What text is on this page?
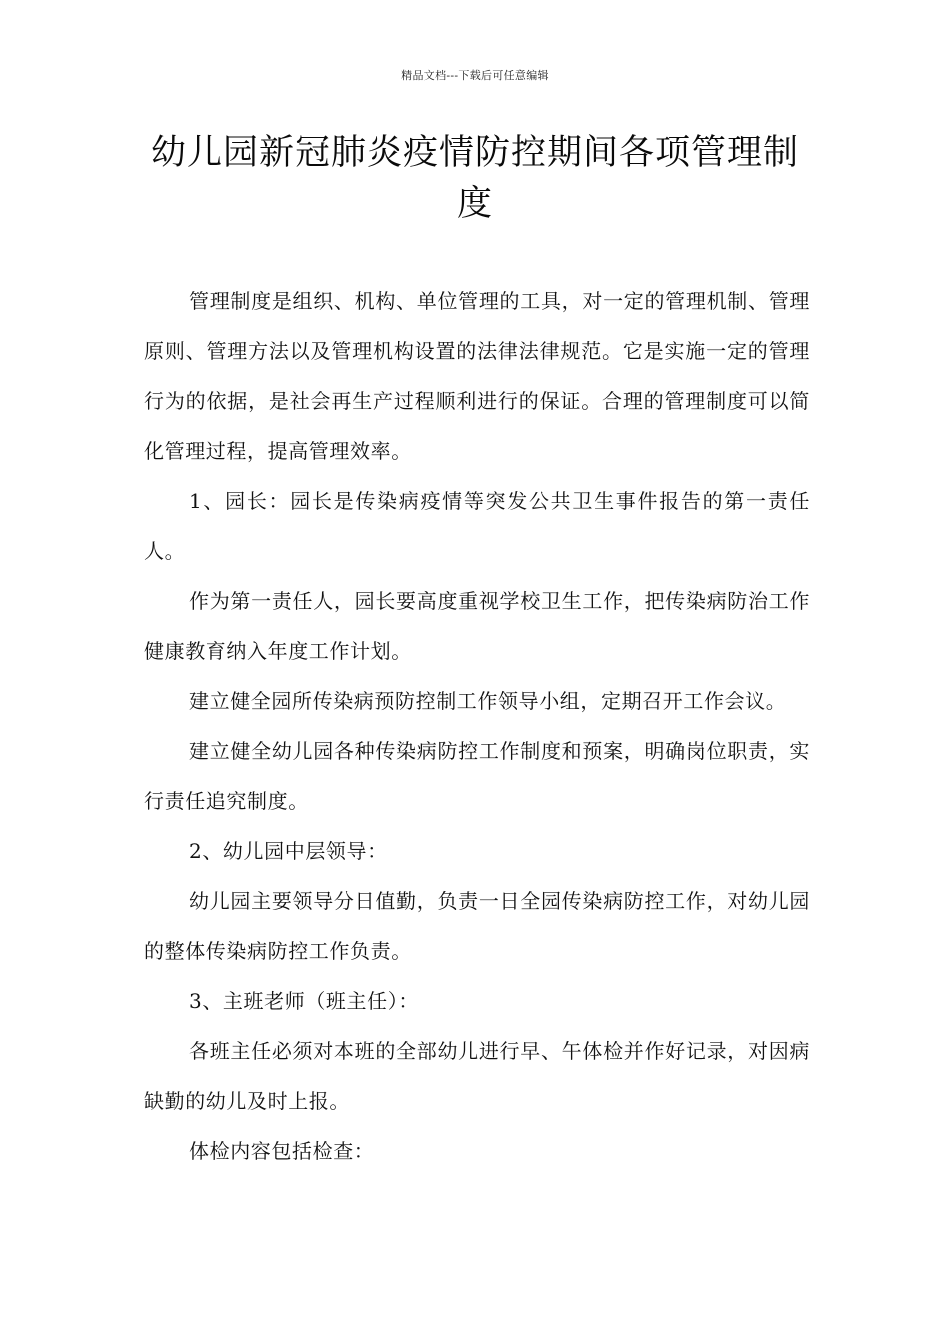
精品文档---下载后可任意编辑
幼儿园新冠肺炎疫情防控期间各项管理制度

管理制度是组织、机构、单位管理的工具，对一定的管理机制、管理原则、管理方法以及管理机构设置的法律法律规范。它是实施一定的管理行为的依据，是社会再生产过程顺利进行的保证。合理的管理制度可以简化管理过程，提高管理效率。

1、园长：园长是传染病疫情等突发公共卫生事件报告的第一责任人。

作为第一责任人，园长要高度重视学校卫生工作，把传染病防治工作健康教育纳入年度工作计划。

建立健全园所传染病预防控制工作领导小组，定期召开工作会议。

建立健全幼儿园各种传染病防控工作制度和预案，明确岗位职责，实行责任追究制度。

2、幼儿园中层领导：

幼儿园主要领导分日值勤，负责一日全园传染病防控工作，对幼儿园的整体传染病防控工作负责。

3、主班老师（班主任）：

各班主任必须对本班的全部幼儿进行早、午体检并作好记录，对因病缺勤的幼儿及时上报。

体检内容包括检查：
